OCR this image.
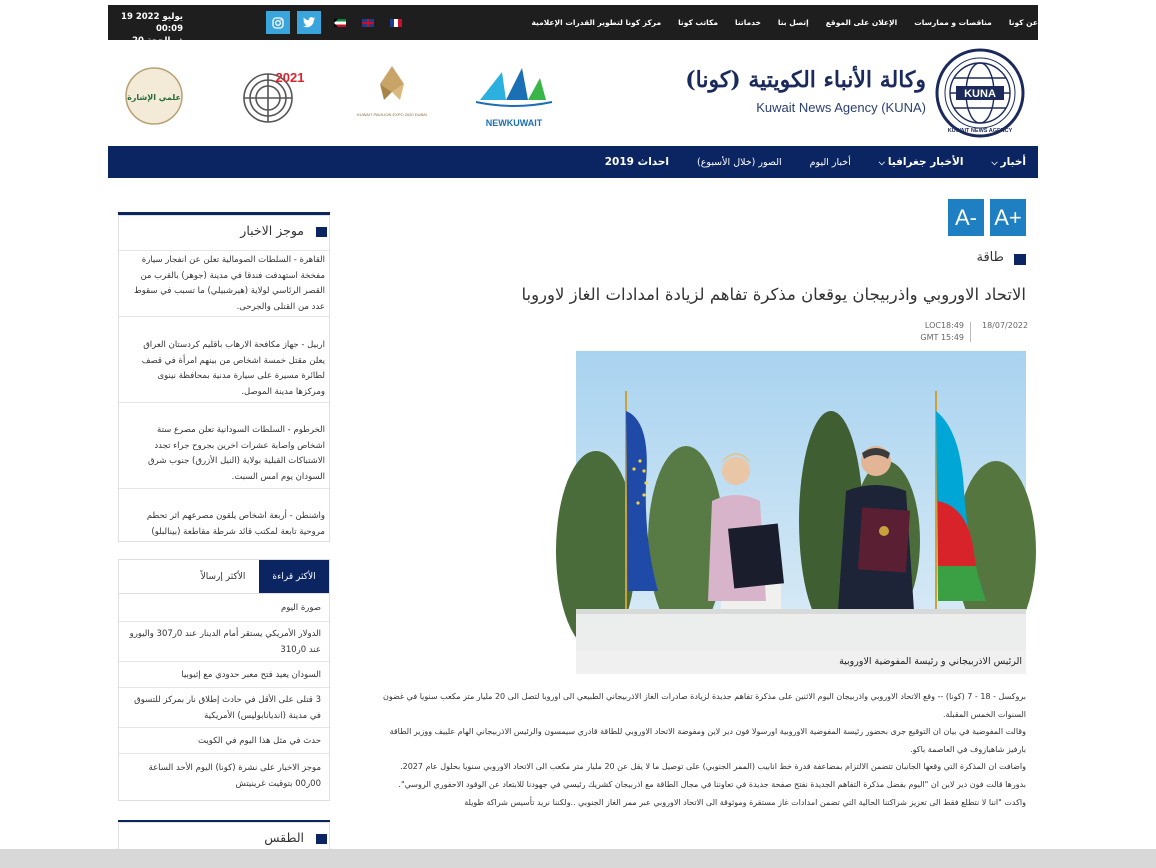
19 يوليو 2022 00:09
عن كونا
مناقصات و ممارسات
الإعلان على الموقع
إتصل بنا
خدماتنا
مكاتب كونا
مركز كونا لتطوير القدرات الإعلامية
KUNA
KUWAIT NEWS AGENCY
وكالة الأنباء الكويتية (كونا)
Kuwait News Agency (KUNA)
NEWKUWAIT
KUWAIT PAVILION EXPO 2020 DUBAI
2021
علمي الإشارة
⌵ أخبار
⌵ الأخبار جغرافيا
أخبار اليوم
الصور (خلال الأسبوع)
احداث 2019
A+
A-
طاقة
الاتحاد الاوروبي واذربيجان يوقعان مذكرة تفاهم لزيادة امدادات الغاز لاوروبا
18/07/2022
LOC18:49
GMT 15:49
الرئيس الاذربيجاني و رئيسة المفوضية الاوروبية

بروكسل - 18 - 7 (كونا) -- وقع الاتحاد الاوروبي واذربيجان اليوم الاثنين على مذكرة تفاهم جديدة لزيادة صادرات الغاز الاذربيجاني الطبيعي الى اوروبا لتصل الى 20 مليار متر مكعب سنويا في غضون السنوات الخمس المقبلة.

وقالت المفوضية في بيان ان التوقيع جرى بحضور رئيسة المفوضية الاوروبية اورسولا فون دير لاين ومفوضة الاتحاد الاوروبي للطاقة قادري سيمسون والرئيس الاذربيجاني الهام علييف ووزير الطاقة بارفيز شاهبازوف في العاصمة باكو.

واضافت ان المذكرة التي وقعها الجانبان تتضمن الالتزام بمضاعفة قدرة خط انابيب (الممر الجنوبي) على توصيل ما لا يقل عن 20 مليار متر مكعب الى الاتحاد الاوروبي سنويا بحلول عام 2027.

بدورها قالت فون دير لاين ان "اليوم بفضل مذكرة التفاهم الجديدة نفتح صفحة جديدة في تعاوننا في مجال الطاقة مع اذربيجان كشريك رئيسي في جهودنا للابتعاد عن الوقود الاحفوري الروسي".

واكدت "اننا لا نتطلع فقط الى تعزيز شراكتنا الحالية التي تضمن امدادات غاز مستقرة وموثوقة الى الاتحاد الاوروبي عبر ممر الغاز الجنوبي ..ولكننا نريد تأسيس شراكة طويلة

موجز الاخبار
القاهرة - السلطات الصومالية تعلن عن انفجار سيارة مفخخة استهدفت فندقا في مدينة (جوهر) بالقرب من القصر الرئاسي لولاية (هيرشبيلي) ما تسبب في سقوط عدد من القتلى والجرحى.
اربيل - جهاز مكافحة الارهاب باقليم كردستان العراق يعلن مقتل خمسة اشخاص من بينهم امرأة في قصف لطائرة مسيرة على سيارة مدنية بمحافظة نينوى ومركزها مدينة الموصل.
الخرطوم - السلطات السودانية تعلن مصرع ستة اشخاص واصابة عشرات اخرين بجروح جراء تجدد الاشتباكات القبلية بولاية (النيل الأزرق) جنوب شرق السودان يوم امس السبت.
واشنطن - أربعة اشخاص يلقون مصرعهم اثر تحطم مروحية تابعة لمكتب قائد شرطة مقاطعة (بينالبلو)
الأكثر قراءة
الأكثر إرسالاً
صورة اليوم
الدولار الأمريكي يستقر أمام الدينار عند 0ر307 واليورو عند 0ر310
السودان يعيد فتح معبر حدودي مع إثيوبيا
3 قتلى على الأقل في حادث إطلاق نار بمركز للتسوق في مدينة (انديانابوليس) الأمريكية
حدث في مثل هذا اليوم في الكويت
موجز الاخبار على نشرة (كونا) اليوم الأحد الساعة 00ر00 بتوقيت غرينيتش
الطقس
